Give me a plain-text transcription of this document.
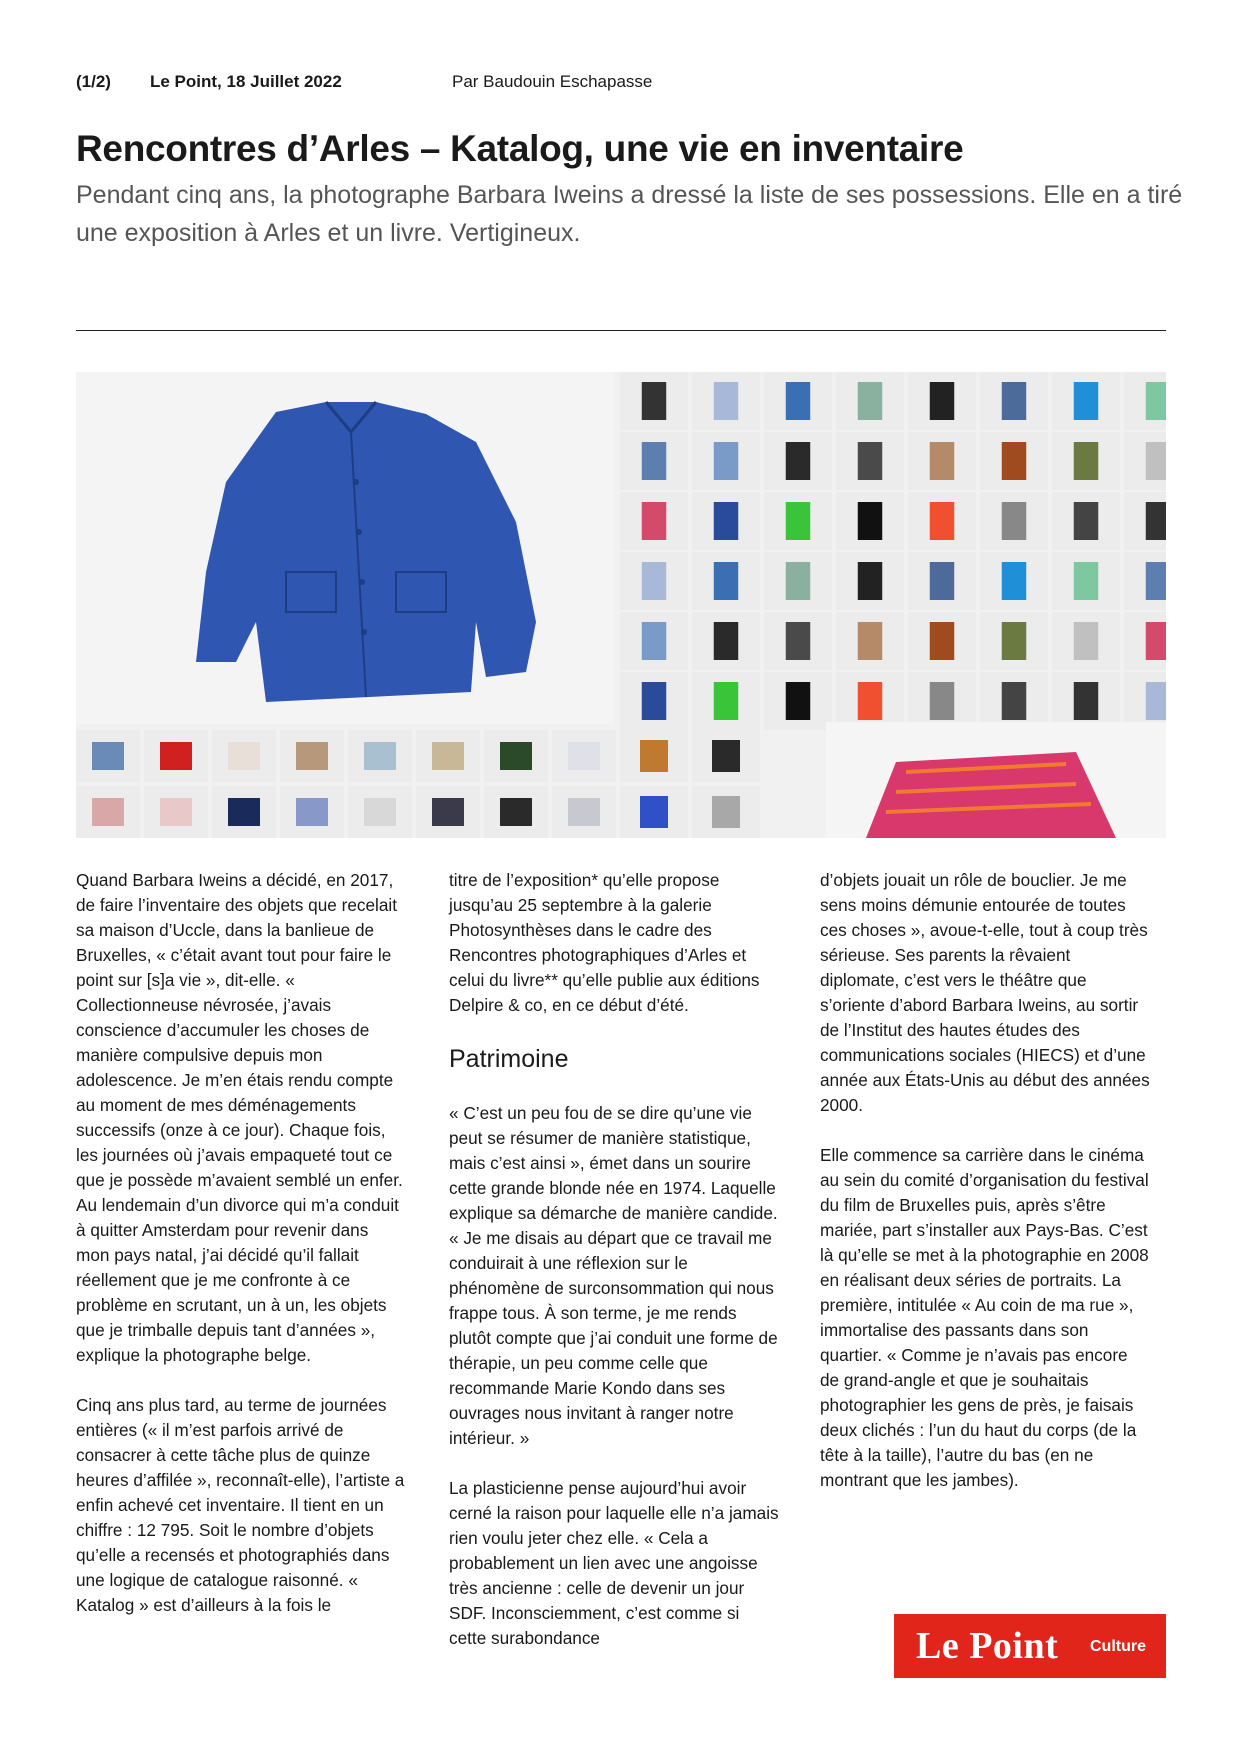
(1/2) Le Point, 18 Juillet 2022	Par Baudouin Eschapasse
Rencontres d’Arles – Katalog, une vie en inventaire

Pendant cinq ans, la photographe Barbara Iweins a dressé la liste de ses possessions. Elle en a tiré une exposition à Arles et un livre. Vertigineux.

Quand Barbara Iweins a décidé, en 2017, de faire l’inventaire des objets que recelait sa maison d’Uccle, dans la banlieue de Bruxelles, « c’était avant tout pour faire le point sur [s]a vie », dit-elle. « Collectionneuse névrosée, j’avais conscience d’accumuler les choses de manière compulsive depuis mon adolescence. Je m’en étais rendu compte au moment de mes déménagements successifs (onze à ce jour). Chaque fois, les journées où j’avais empaqueté tout ce que je possède m’avaient semblé un enfer. Au lendemain d’un divorce qui m’a conduit à quitter Amsterdam pour revenir dans mon pays natal, j’ai décidé qu’il fallait réellement que je me confronte à ce problème en scrutant, un à un, les objets que je trimballe depuis tant d’années », explique la photographe belge.

Cinq ans plus tard, au terme de journées entières (« il m’est parfois arrivé de consacrer à cette tâche plus de quinze heures d’affilée », reconnaît-elle), l’artiste a enfin achevé cet inventaire. Il tient en un chiffre : 12 795. Soit le nombre d’objets qu’elle a recensés et photographiés dans une logique de catalogue raisonné. « Katalog » est d’ailleurs à la fois le

titre de l’exposition* qu’elle propose jusqu’au 25 septembre à la galerie Photosynthèses dans le cadre des Rencontres photographiques d’Arles et celui du livre** qu’elle publie aux éditions Delpire & co, en ce début d’été.

Patrimoine

« C’est un peu fou de se dire qu’une vie peut se résumer de manière statistique, mais c’est ainsi », émet dans un sourire cette grande blonde née en 1974. Laquelle explique sa démarche de manière candide. « Je me disais au départ que ce travail me conduirait à une réflexion sur le phénomène de surconsommation qui nous frappe tous. À son terme, je me rends plutôt compte que j’ai conduit une forme de thérapie, un peu comme celle que recommande Marie Kondo dans ses ouvrages nous invitant à ranger notre intérieur. »

La plasticienne pense aujourd’hui avoir cerné la raison pour laquelle elle n’a jamais rien voulu jeter chez elle. « Cela a probablement un lien avec une angoisse très ancienne : celle de devenir un jour SDF. Inconsciemment, c’est comme si cette surabondance

d’objets jouait un rôle de bouclier. Je me sens moins démunie entourée de toutes ces choses », avoue-t-elle, tout à coup très sérieuse. Ses parents la rêvaient diplomate, c’est vers le théâtre que s’oriente d’abord Barbara Iweins, au sortir de l’Institut des hautes études des communications sociales (HIECS) et d’une année aux États-Unis au début des années 2000.

Elle commence sa carrière dans le cinéma au sein du comité d’organisation du festival du film de Bruxelles puis, après s’être mariée, part s’installer aux Pays-Bas. C’est là qu’elle se met à la photographie en 2008 en réalisant deux séries de portraits. La première, intitulée « Au coin de ma rue », immortalise des passants dans son quartier. « Comme je n’avais pas encore de grand-angle et que je souhaitais photographier les gens de près, je faisais deux clichés : l’un du haut du corps (de la tête à la taille), l’autre du bas (en ne montrant que les jambes).

Le Point Culture
